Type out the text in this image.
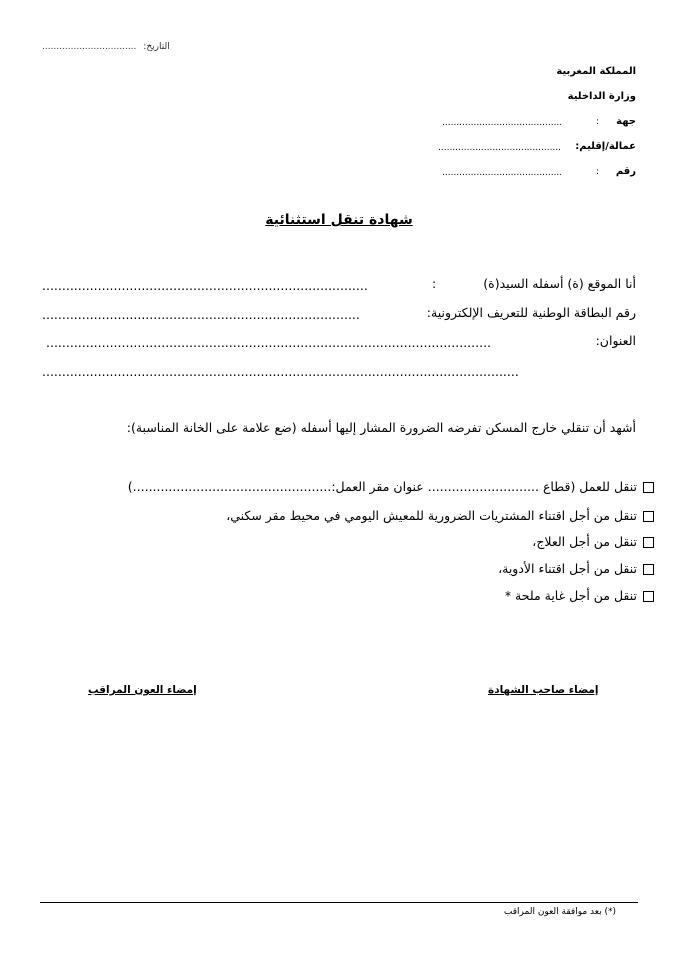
................................. التاريخ:
المملكة المغربية
وزارة الداخلية
جهة
:
..........................................
عمالة/إقليم:
...........................................
رقم
:
..........................................
شهادة تنقل استثنائية
أنا الموقع (ة) أسفله السيد(ة)
:
..................................................................................
رقم البطاقة الوطنية للتعريف الإلكترونية:
................................................................................
العنوان:
................................................................................................................
........................................................................................................................
أشهد أن تنقلي خارج المسكن تفرضه الضرورة المشار إليها أسفله (ضع علامة على الخانة المناسبة):
تنقل للعمل (قطاع ............................ عنوان مقر العمل:..................................................)
تنقل من أجل اقتناء المشتريات الضرورية للمعيش اليومي في محيط مقر سكني،
تنقل من أجل العلاج،
تنقل من أجل اقتناء الأدوية،
تنقل من أجل غاية ملحة *
إمضاء صاحب الشهادة
إمضاء العون المراقب
(*) بعد موافقة العون المراقب
